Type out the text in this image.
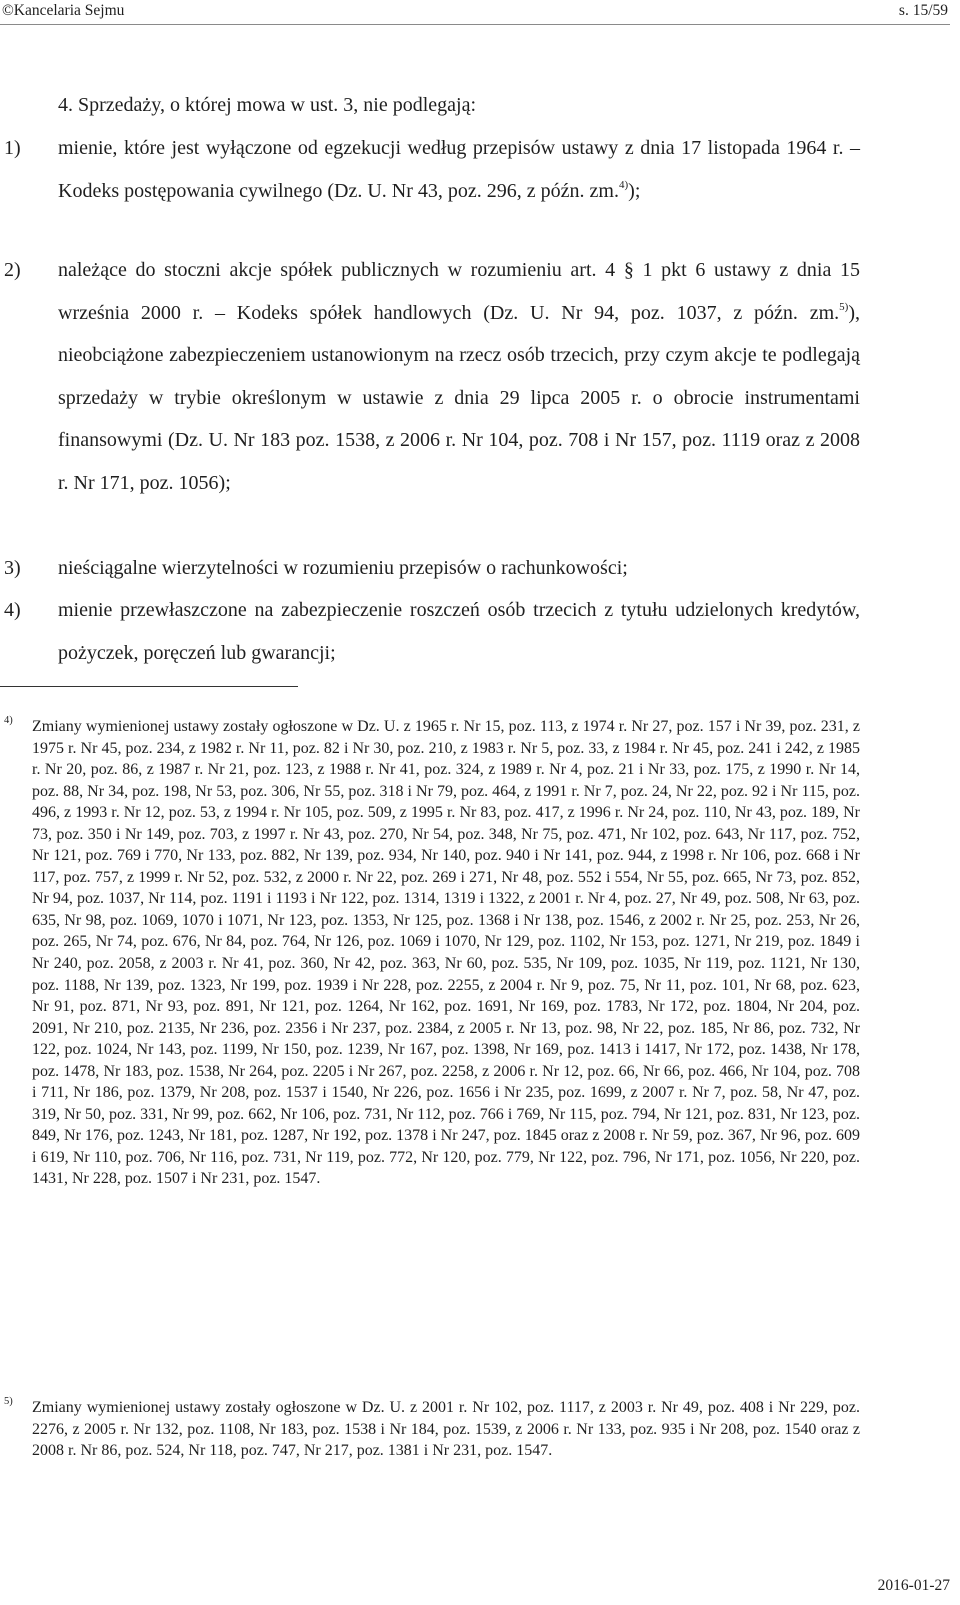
©Kancelaria Sejmu	s. 15/59
4. Sprzedaży, o której mowa w ust. 3, nie podlegają:
1) mienie, które jest wyłączone od egzekucji według przepisów ustawy z dnia 17 listopada 1964 r. – Kodeks postępowania cywilnego (Dz. U. Nr 43, poz. 296, z późn. zm.$^{4)}$);
2) należące do stoczni akcje spółek publicznych w rozumieniu art. 4 § 1 pkt 6 ustawy z dnia 15 września 2000 r. – Kodeks spółek handlowych (Dz. U. Nr 94, poz. 1037, z późn. zm.$^{5)}$), nieobciążone zabezpieczeniem ustanowionym na rzecz osób trzecich, przy czym akcje te podlegają sprzedaży w trybie określonym w ustawie z dnia 29 lipca 2005 r. o obrocie instrumentami finansowymi (Dz. U. Nr 183 poz. 1538, z 2006 r. Nr 104, poz. 708 i Nr 157, poz. 1119 oraz z 2008 r. Nr 171, poz. 1056);
3) nieściągalne wierzytelności w rozumieniu przepisów o rachunkowości;
4) mienie przewłaszczone na zabezpieczenie roszczeń osób trzecich z tytułu udzielonych kredytów, pożyczek, poręczeń lub gwarancji;
4) Zmiany wymienionej ustawy zostały ogłoszone w Dz. U. z 1965 r. Nr 15, poz. 113, z 1974 r. Nr 27, poz. 157 i Nr 39, poz. 231, z 1975 r. Nr 45, poz. 234, z 1982 r. Nr 11, poz. 82 i Nr 30, poz. 210, z 1983 r. Nr 5, poz. 33, z 1984 r. Nr 45, poz. 241 i 242, z 1985 r. Nr 20, poz. 86, z 1987 r. Nr 21, poz. 123, z 1988 r. Nr 41, poz. 324, z 1989 r. Nr 4, poz. 21 i Nr 33, poz. 175, z 1990 r. Nr 14, poz. 88, Nr 34, poz. 198, Nr 53, poz. 306, Nr 55, poz. 318 i Nr 79, poz. 464, z 1991 r. Nr 7, poz. 24, Nr 22, poz. 92 i Nr 115, poz. 496, z 1993 r. Nr 12, poz. 53, z 1994 r. Nr 105, poz. 509, z 1995 r. Nr 83, poz. 417, z 1996 r. Nr 24, poz. 110, Nr 43, poz. 189, Nr 73, poz. 350 i Nr 149, poz. 703, z 1997 r. Nr 43, poz. 270, Nr 54, poz. 348, Nr 75, poz. 471, Nr 102, poz. 643, Nr 117, poz. 752, Nr 121, poz. 769 i 770, Nr 133, poz. 882, Nr 139, poz. 934, Nr 140, poz. 940 i Nr 141, poz. 944, z 1998 r. Nr 106, poz. 668 i Nr 117, poz. 757, z 1999 r. Nr 52, poz. 532, z 2000 r. Nr 22, poz. 269 i 271, Nr 48, poz. 552 i 554, Nr 55, poz. 665, Nr 73, poz. 852, Nr 94, poz. 1037, Nr 114, poz. 1191 i 1193 i Nr 122, poz. 1314, 1319 i 1322, z 2001 r. Nr 4, poz. 27, Nr 49, poz. 508, Nr 63, poz. 635, Nr 98, poz. 1069, 1070 i 1071, Nr 123, poz. 1353, Nr 125, poz. 1368 i Nr 138, poz. 1546, z 2002 r. Nr 25, poz. 253, Nr 26, poz. 265, Nr 74, poz. 676, Nr 84, poz. 764, Nr 126, poz. 1069 i 1070, Nr 129, poz. 1102, Nr 153, poz. 1271, Nr 219, poz. 1849 i Nr 240, poz. 2058, z 2003 r. Nr 41, poz. 360, Nr 42, poz. 363, Nr 60, poz. 535, Nr 109, poz. 1035, Nr 119, poz. 1121, Nr 130, poz. 1188, Nr 139, poz. 1323, Nr 199, poz. 1939 i Nr 228, poz. 2255, z 2004 r. Nr 9, poz. 75, Nr 11, poz. 101, Nr 68, poz. 623, Nr 91, poz. 871, Nr 93, poz. 891, Nr 121, poz. 1264, Nr 162, poz. 1691, Nr 169, poz. 1783, Nr 172, poz. 1804, Nr 204, poz. 2091, Nr 210, poz. 2135, Nr 236, poz. 2356 i Nr 237, poz. 2384, z 2005 r. Nr 13, poz. 98, Nr 22, poz. 185, Nr 86, poz. 732, Nr 122, poz. 1024, Nr 143, poz. 1199, Nr 150, poz. 1239, Nr 167, poz. 1398, Nr 169, poz. 1413 i 1417, Nr 172, poz. 1438, Nr 178, poz. 1478, Nr 183, poz. 1538, Nr 264, poz. 2205 i Nr 267, poz. 2258, z 2006 r. Nr 12, poz. 66, Nr 66, poz. 466, Nr 104, poz. 708 i 711, Nr 186, poz. 1379, Nr 208, poz. 1537 i 1540, Nr 226, poz. 1656 i Nr 235, poz. 1699, z 2007 r. Nr 7, poz. 58, Nr 47, poz. 319, Nr 50, poz. 331, Nr 99, poz. 662, Nr 106, poz. 731, Nr 112, poz. 766 i 769, Nr 115, poz. 794, Nr 121, poz. 831, Nr 123, poz. 849, Nr 176, poz. 1243, Nr 181, poz. 1287, Nr 192, poz. 1378 i Nr 247, poz. 1845 oraz z 2008 r. Nr 59, poz. 367, Nr 96, poz. 609 i 619, Nr 110, poz. 706, Nr 116, poz. 731, Nr 119, poz. 772, Nr 120, poz. 779, Nr 122, poz. 796, Nr 171, poz. 1056, Nr 220, poz. 1431, Nr 228, poz. 1507 i Nr 231, poz. 1547.
5) Zmiany wymienionej ustawy zostały ogłoszone w Dz. U. z 2001 r. Nr 102, poz. 1117, z 2003 r. Nr 49, poz. 408 i Nr 229, poz. 2276, z 2005 r. Nr 132, poz. 1108, Nr 183, poz. 1538 i Nr 184, poz. 1539, z 2006 r. Nr 133, poz. 935 i Nr 208, poz. 1540 oraz z 2008 r. Nr 86, poz. 524, Nr 118, poz. 747, Nr 217, poz. 1381 i Nr 231, poz. 1547.
2016-01-27
